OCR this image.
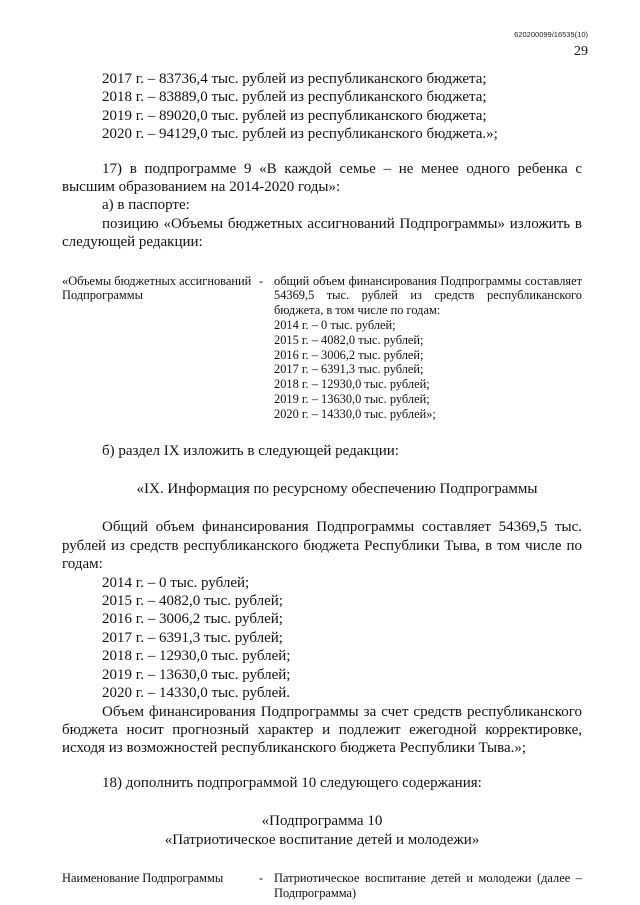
620200099/16535(10)
29
2017 г. – 83736,4 тыс. рублей из республиканского бюджета;
2018 г. – 83889,0 тыс. рублей из республиканского бюджета;
2019 г. – 89020,0 тыс. рублей из республиканского бюджета;
2020 г. – 94129,0 тыс. рублей из республиканского бюджета.»;
17) в подпрограмме 9 «В каждой семье – не менее одного ребенка с высшим образованием на 2014-2020 годы»:
а) в паспорте:
позицию «Объемы бюджетных ассигнований Подпрограммы» изложить в следующей редакции:
«Объемы бюджетных ассигнований Подпрограммы
- общий объем финансирования Подпрограммы составляет 54369,5 тыс. рублей из средств республиканского бюджета, в том числе по годам:
2014 г. – 0 тыс. рублей;
2015 г. – 4082,0 тыс. рублей;
2016 г. – 3006,2 тыс. рублей;
2017 г. – 6391,3 тыс. рублей;
2018 г. – 12930,0 тыс. рублей;
2019 г. – 13630,0 тыс. рублей;
2020 г. – 14330,0 тыс. рублей»;
б) раздел IX изложить в следующей редакции:
«IX. Информация по ресурсному обеспечению Подпрограммы
Общий объем финансирования Подпрограммы составляет 54369,5 тыс. рублей из средств республиканского бюджета Республики Тыва, в том числе по годам:
2014 г. – 0 тыс. рублей;
2015 г. – 4082,0 тыс. рублей;
2016 г. – 3006,2 тыс. рублей;
2017 г. – 6391,3 тыс. рублей;
2018 г. – 12930,0 тыс. рублей;
2019 г. – 13630,0 тыс. рублей;
2020 г. – 14330,0 тыс. рублей.
Объем финансирования Подпрограммы за счет средств республиканского бюджета носит прогнозный характер и подлежит ежегодной корректировке, исходя из возможностей республиканского бюджета Республики Тыва.»;
18) дополнить подпрограммой 10 следующего содержания:
«Подпрограмма 10
«Патриотическое воспитание детей и молодежи»
Наименование Подпрограммы	- Патриотическое воспитание детей и молодежи (далее – Подпрограмма)
